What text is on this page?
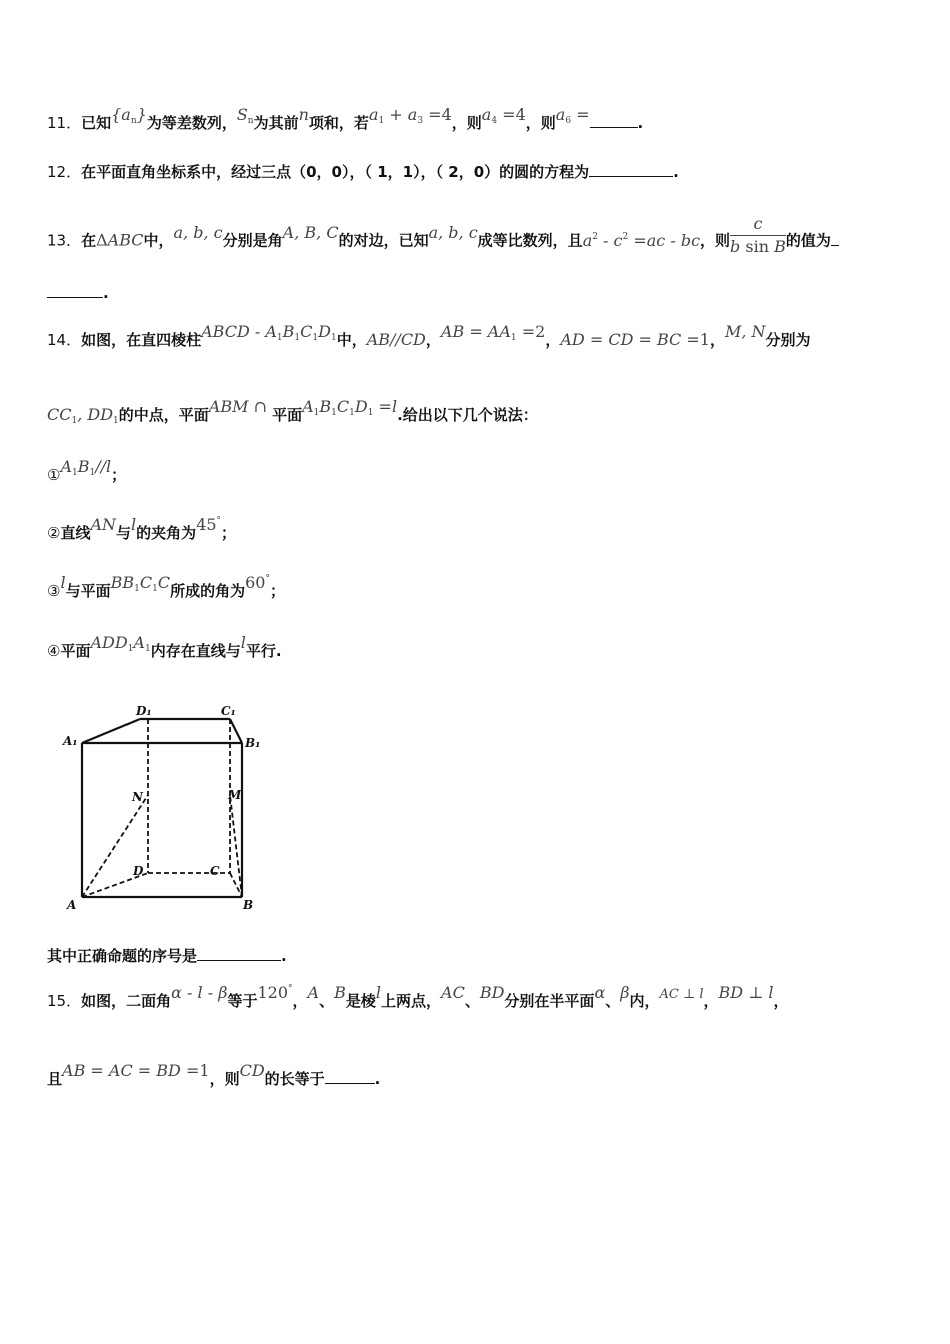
11．已知$\{a_n\}$为等差数列，$S_n$为其前n项和，若$a_1 + a_3 =4$，则$a_4 =4$，则$a_6$ =	.
12．在平面直角坐标系中，经过三点（0，0），（ 1，1），（ 2，0）的圆的方程为	.
13．在ΔABC中，a, b, c分别是角A, B, C的对边，已知a, b, c成等比数列，且$a^2 - c^2 =ac$ - bc，则 $\frac{c}{\text{b sin B}}$ 的值为
.
14．如图，在直四棱柱ABCD - $A_1B_1C_1D_1$中，AB//CD，AB = $AA_1 =2$，AD = CD = BC =1，M, N分别为
$CC_1$, $DD_1$的中点，平面ABM ∩ 平面$A_1B_1C_1D_1 =l$.给出以下几个说法：
$①A_1B_1//l$；
②直线AN与l的夹角为45°；
③l与平面$BB_1C_1C$所成的角为60°；
④平面$ADD_1A_1$内存在直线与l平行.
A₁
D₁	C₁
B₁
N	M
D	C
A	B
其中正确命题的序号是	.
15．如图，二面角α - l - β等于120°，A、B是棱l上两点，AC、BD分别在半平面α、β内，AC ⊥ l，BD ⊥ l，
且AB = AC = BD =1，则CD的长等于	.
